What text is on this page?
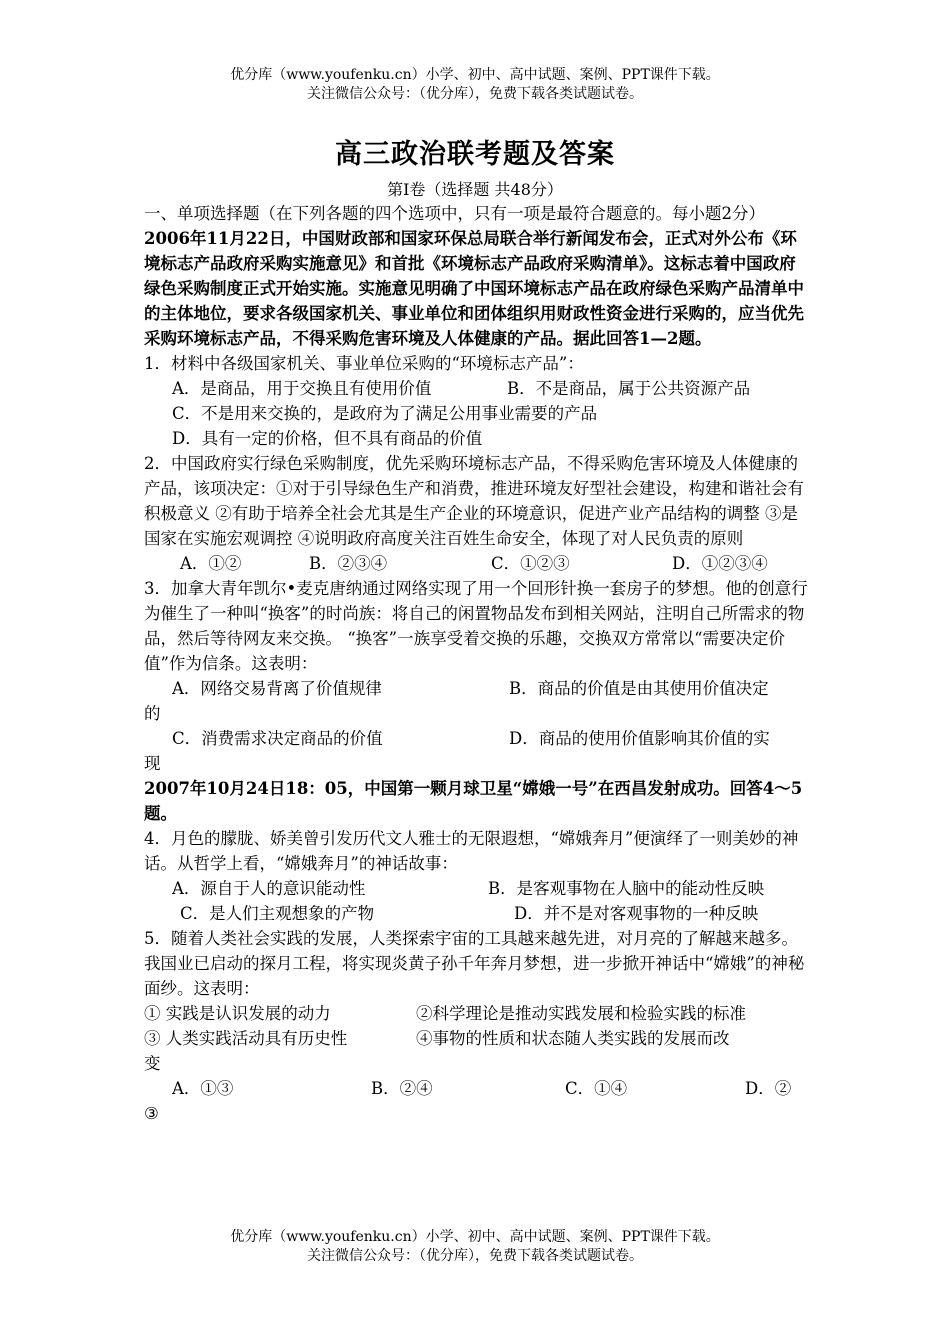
优分库（www.youfenku.cn）小学、初中、高中试题、案例、PPT课件下载。
关注微信公众号：（优分库），免费下载各类试题试卷。
高三政治联考题及答案
第Ⅰ卷（选择题 共48分）

一、单项选择题（在下列各题的四个选项中，只有一项是最符合题意的。每小题2分）

2006年11月22日，中国财政部和国家环保总局联合举行新闻发布会，正式对外公布《环境标志产品政府采购实施意见》和首批《环境标志产品政府采购清单》。这标志着中国政府绿色采购制度正式开始实施。实施意见明确了中国环境标志产品在政府绿色采购产品清单中的主体地位，要求各级国家机关、事业单位和团体组织用财政性资金进行采购的，应当优先采购环境标志产品，不得采购危害环境及人体健康的产品。据此回答1—2题。

1．材料中各级国家机关、事业单位采购的“环境标志产品”：

A．是商品，用于交换且有使用价值	B．不是商品，属于公共资源产品
C．不是用来交换的，是政府为了满足公用事业需要的产品
D．具有一定的价格，但不具有商品的价值

2．中国政府实行绿色采购制度，优先采购环境标志产品，不得采购危害环境及人体健康的产品，该项决定：①对于引导绿色生产和消费，推进环境友好型社会建设，构建和谐社会有积极意义 ②有助于培养全社会尤其是生产企业的环境意识，促进产业产品结构的调整 ③是国家在实施宏观调控 ④说明政府高度关注百姓生命安全，体现了对人民负责的原则

A．①②	B．②③④	C．①②③	D．①②③④

3．加拿大青年凯尔•麦克唐纳通过网络实现了用一个回形针换一套房子的梦想。他的创意行为催生了一种叫“换客”的时尚族：将自己的闲置物品发布到相关网站，注明自己所需求的物品，然后等待网友来交换。 “换客”一族享受着交换的乐趣，交换双方常常以“需要决定价值”作为信条。这表明：

A．网络交易背离了价值规律	B．商品的价值是由其使用价值决定
的
C．消费需求决定商品的价值	D．商品的使用价值影响其价值的实
现

2007年10月24日18：05，中国第一颗月球卫星“嫦娥一号”在西昌发射成功。回答4～5题。

4．月色的朦胧、娇美曾引发历代文人雅士的无限遐想，“嫦娥奔月”便演绎了一则美妙的神话。从哲学上看，“嫦娥奔月”的神话故事：

A．源自于人的意识能动性	B．是客观事物在人脑中的能动性反映
C．是人们主观想象的产物	D．并不是对客观事物的一种反映

5．随着人类社会实践的发展，人类探索宇宙的工具越来越先进，对月亮的了解越来越多。我国业已启动的探月工程，将实现炎黄子孙千年奔月梦想，进一步掀开神话中“嫦娥”的神秘面纱。这表明：

① 实践是认识发展的动力	②科学理论是推动实践发展和检验实践的标准
③ 人类实践活动具有历史性	④事物的性质和状态随人类实践的发展而改
变
A．①③	B．②④	C．①④	D．②
③
优分库（www.youfenku.cn）小学、初中、高中试题、案例、PPT课件下载。
关注微信公众号：（优分库），免费下载各类试题试卷。
